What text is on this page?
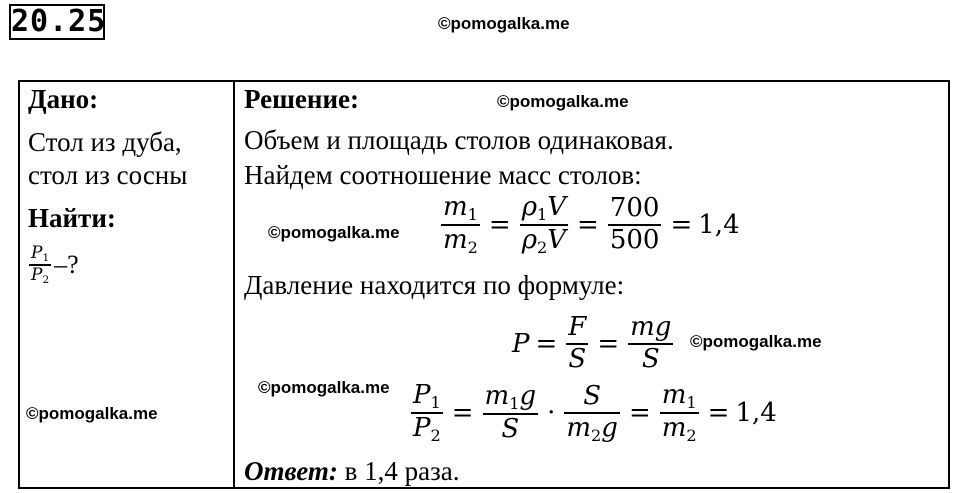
20.25	©pomogalka.me
Дано:
Стол из дуба,
стол из сосны
Найти:
$\frac{P_1}{P_2}$ –?
©pomogalka.me
Решение:	©pomogalka.me
Объем и площадь столов одинаковая.
Найдем соотношение масс столов:
©pomogalka.me $\frac{m_1}{m_2} = \frac{\rho_1V}{\rho_2V} = \frac{700}{500} = 1,4$
Давление находится по формуле:
$P = \frac{F}{S} = \frac{mg}{S}$ ©pomogalka.me
©pomogalka.me $\frac{P_1}{P_2} = \frac{m_1g}{S} \cdot \frac{S}{m_2g} = \frac{m_1}{m_2} = 1,4$
Ответ: в 1,4 раза.
